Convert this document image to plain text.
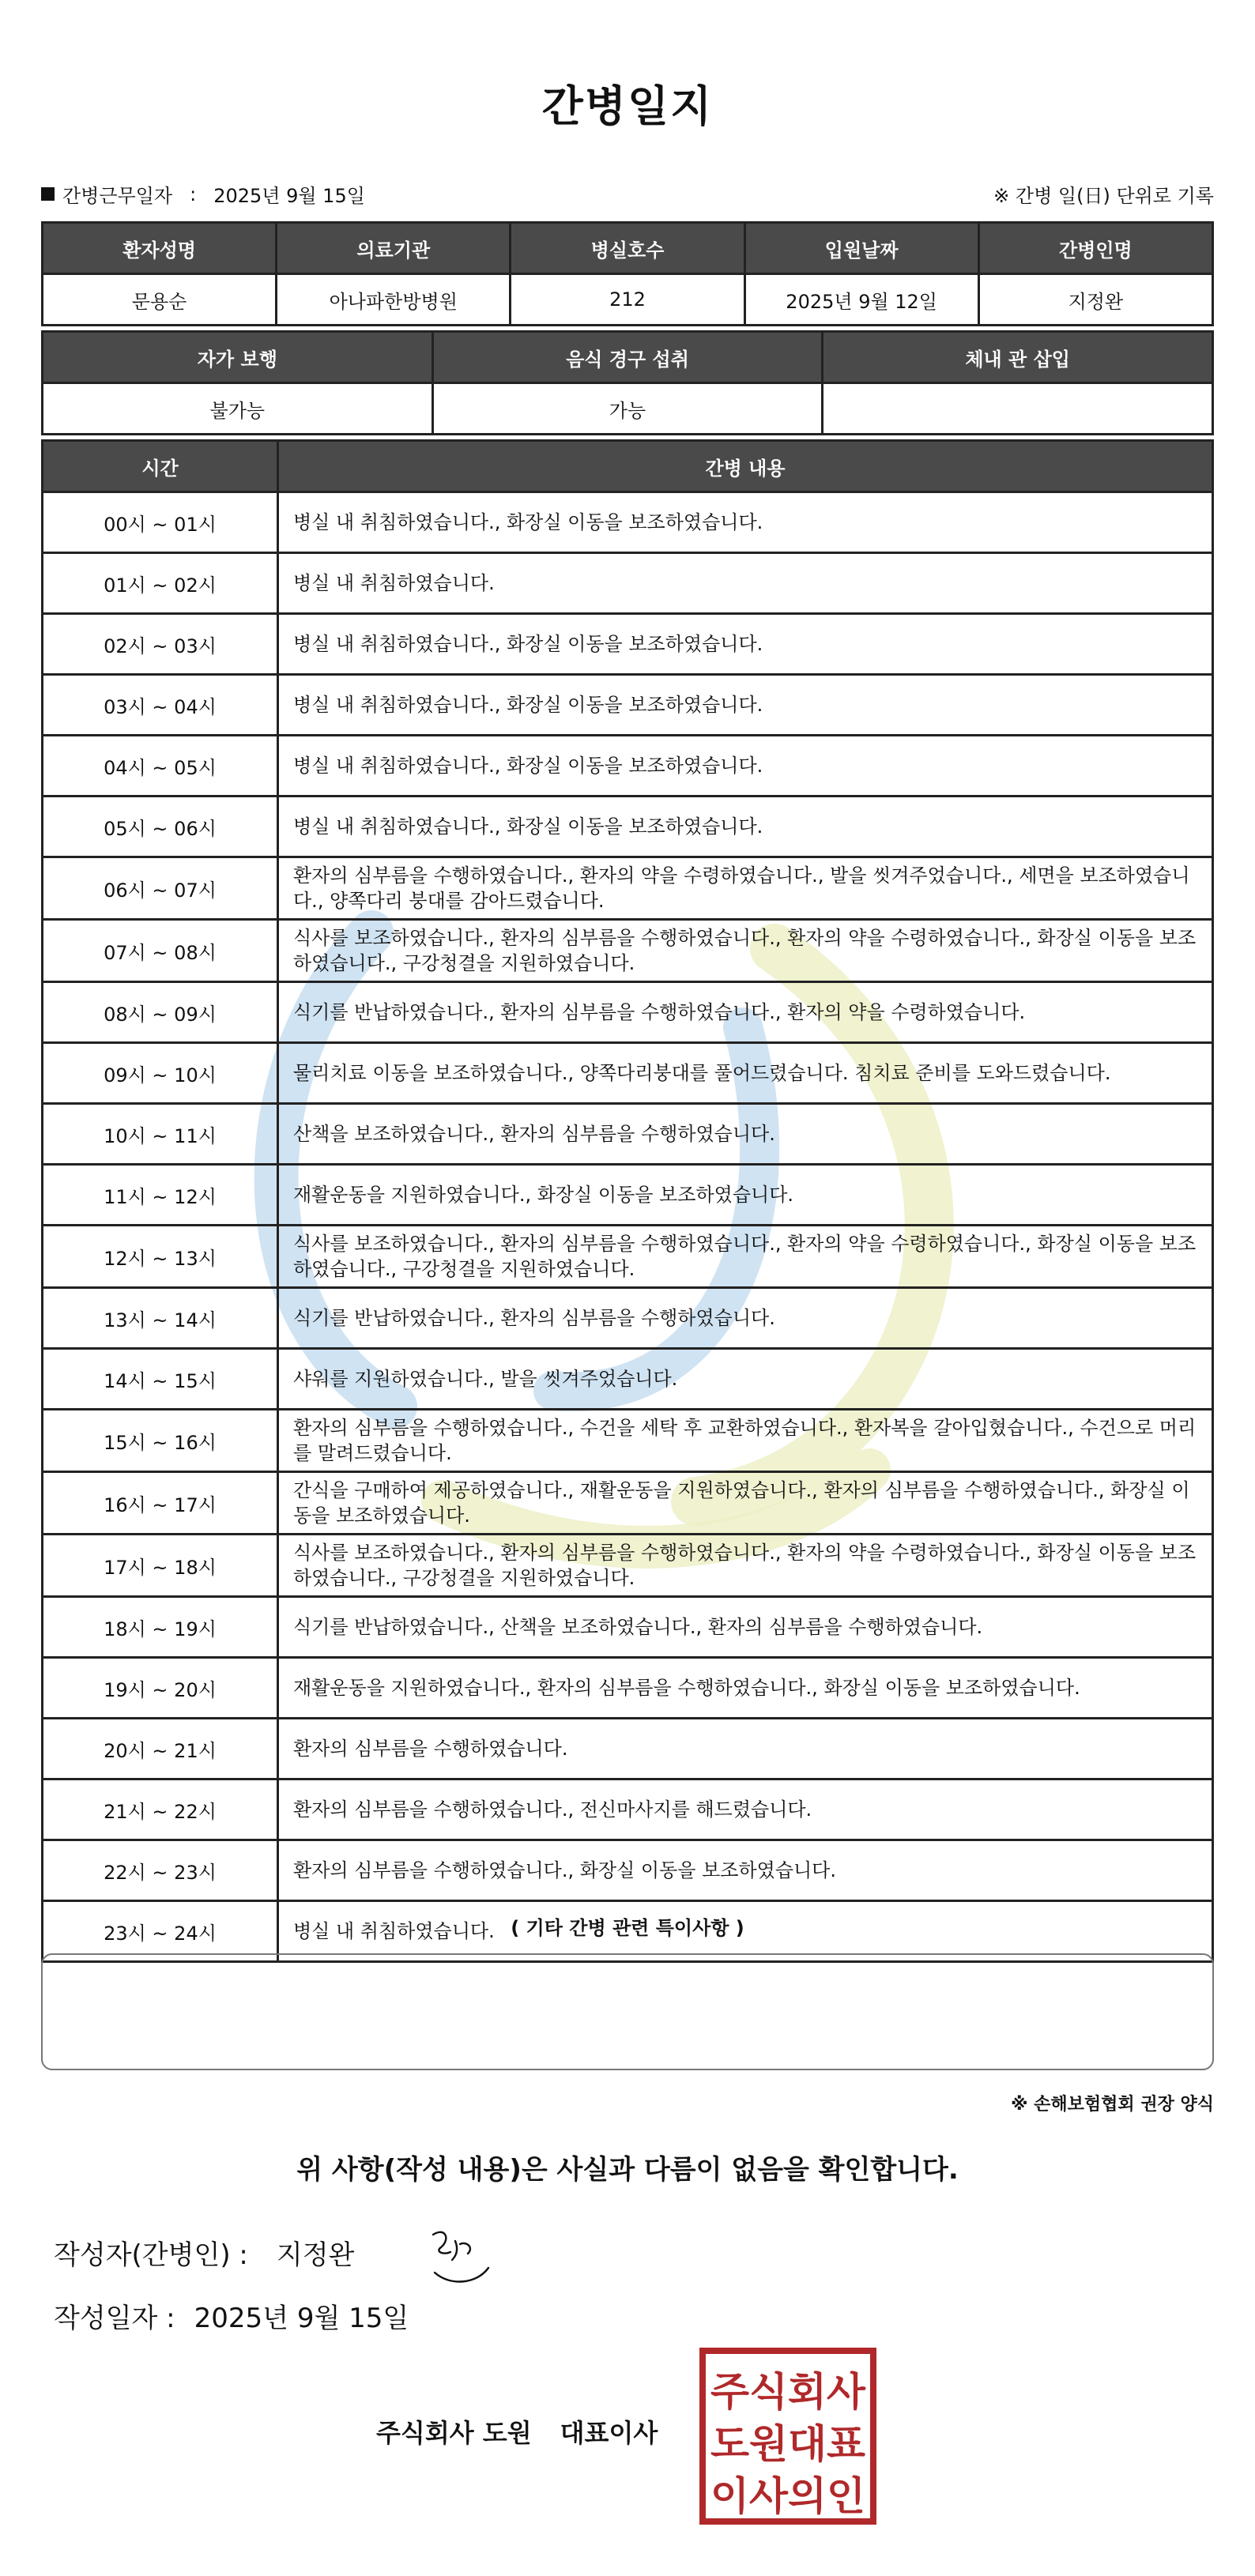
간병일지
간병근무일자 : 2025년 9월 15일	※ 간병 일(日) 단위로 기록
환자성명	의료기관	병실호수	입원날짜	간병인명
문용순	아나파한방병원	212	2025년 9월 12일	지정완
자가 보행	음식 경구 섭취	체내 관 삽입
불가능	가능	
시간	간병 내용
00시 ~ 01시	병실 내 취침하였습니다., 화장실 이동을 보조하였습니다.
01시 ~ 02시	병실 내 취침하였습니다.
02시 ~ 03시	병실 내 취침하였습니다., 화장실 이동을 보조하였습니다.
03시 ~ 04시	병실 내 취침하였습니다., 화장실 이동을 보조하였습니다.
04시 ~ 05시	병실 내 취침하였습니다., 화장실 이동을 보조하였습니다.
05시 ~ 06시	병실 내 취침하였습니다., 화장실 이동을 보조하였습니다.
06시 ~ 07시	환자의 심부름을 수행하였습니다., 환자의 약을 수령하였습니다., 발을 씻겨주었습니다., 세면을 보조하였습니다., 양쪽다리 붕대를 감아드렸습니다.
07시 ~ 08시	식사를 보조하였습니다., 환자의 심부름을 수행하였습니다., 환자의 약을 수령하였습니다., 화장실 이동을 보조하였습니다., 구강청결을 지원하였습니다.
08시 ~ 09시	식기를 반납하였습니다., 환자의 심부름을 수행하였습니다., 환자의 약을 수령하였습니다.
09시 ~ 10시	물리치료 이동을 보조하였습니다., 양쪽다리붕대를 풀어드렸습니다. 침치료 준비를 도와드렸습니다.
10시 ~ 11시	산책을 보조하였습니다., 환자의 심부름을 수행하였습니다.
11시 ~ 12시	재활운동을 지원하였습니다., 화장실 이동을 보조하였습니다.
12시 ~ 13시	식사를 보조하였습니다., 환자의 심부름을 수행하였습니다., 환자의 약을 수령하였습니다., 화장실 이동을 보조하였습니다., 구강청결을 지원하였습니다.
13시 ~ 14시	식기를 반납하였습니다., 환자의 심부름을 수행하였습니다.
14시 ~ 15시	샤워를 지원하였습니다., 발을 씻겨주었습니다.
15시 ~ 16시	환자의 심부름을 수행하였습니다., 수건을 세탁 후 교환하였습니다., 환자복을 갈아입혔습니다., 수건으로 머리를 말려드렸습니다.
16시 ~ 17시	간식을 구매하여 제공하였습니다., 재활운동을 지원하였습니다., 환자의 심부름을 수행하였습니다., 화장실 이동을 보조하였습니다.
17시 ~ 18시	식사를 보조하였습니다., 환자의 심부름을 수행하였습니다., 환자의 약을 수령하였습니다., 화장실 이동을 보조하였습니다., 구강청결을 지원하였습니다.
18시 ~ 19시	식기를 반납하였습니다., 산책을 보조하였습니다., 환자의 심부름을 수행하였습니다.
19시 ~ 20시	재활운동을 지원하였습니다., 환자의 심부름을 수행하였습니다., 화장실 이동을 보조하였습니다.
20시 ~ 21시	환자의 심부름을 수행하였습니다.
21시 ~ 22시	환자의 심부름을 수행하였습니다., 전신마사지를 해드렸습니다.
22시 ~ 23시	환자의 심부름을 수행하였습니다., 화장실 이동을 보조하였습니다.
23시 ~ 24시	병실 내 취침하였습니다. ( 기타 간병 관련 특이사항 )
※ 손해보험협회 권장 양식
위 사항(작성 내용)은 사실과 다름이 없음을 확인합니다.
작성자(간병인) : 지정완
작성일자 : 2025년 9월 15일
주식회사 도원 대표이사
주식회사
도원대표
이사의인
